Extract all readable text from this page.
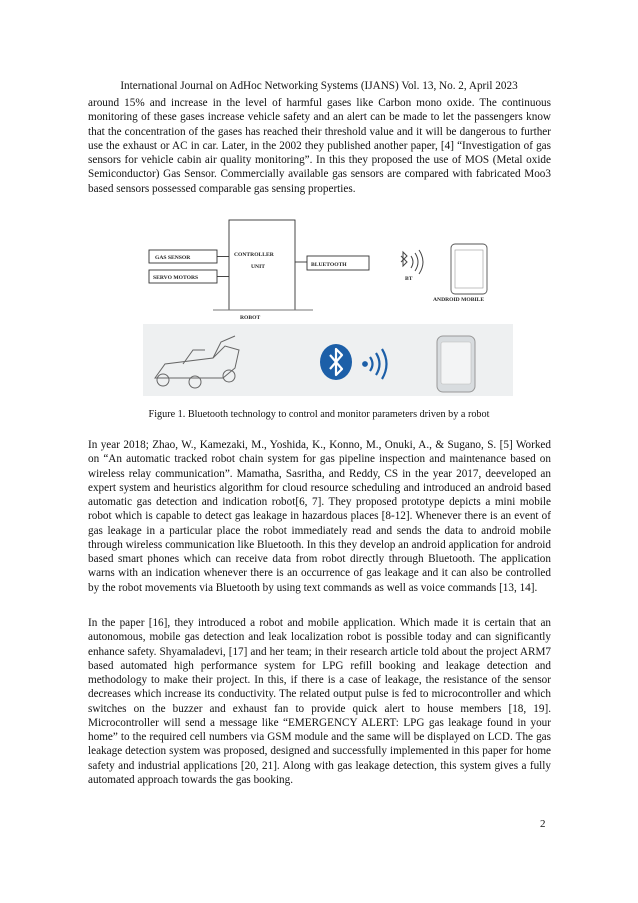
International Journal on AdHoc Networking Systems (IJANS) Vol. 13, No. 2, April 2023

around 15% and increase in the level of harmful gases like Carbon mono oxide. The continuous monitoring of these gases increase vehicle safety and an alert can be made to let the passengers know that the concentration of the gases has reached their threshold value and it will be dangerous to further use the exhaust or AC in car. Later, in the 2002 they published another paper, [4] “Investigation of gas sensors for vehicle cabin air quality monitoring”. In this they proposed the use of MOS (Metal oxide Semiconductor) Gas Sensor. Commercially available gas sensors are compared with fabricated Moo3 based sensors possessed comparable gas sensing properties.

GAS SENSOR
SERVO MOTORS
CONTROLLER
UNIT	BLUETOOTH
BT
ANDROID MOBILE
ROBOT
Figure 1. Bluetooth technology to control and monitor parameters driven by a robot

In year 2018; Zhao, W., Kamezaki, M., Yoshida, K., Konno, M., Onuki, A., & Sugano, S. [5] Worked on “An automatic tracked robot chain system for gas pipeline inspection and maintenance based on wireless relay communication”. Mamatha, Sasritha, and Reddy, CS in the year 2017, deeveloped an expert system and heuristics algorithm for cloud resource scheduling and introduced an android based automatic gas detection and indication robot[6, 7]. They proposed prototype depicts a mini mobile robot which is capable to detect gas leakage in hazardous places [8-12]. Whenever there is an event of gas leakage in a particular place the robot immediately read and sends the data to android mobile through wireless communication like Bluetooth. In this they develop an android application for android based smart phones which can receive data from robot directly through Bluetooth. The application warns with an indication whenever there is an occurrence of gas leakage and it can also be controlled by the robot movements via Bluetooth by using text commands as well as voice commands [13, 14].

In the paper [16], they introduced a robot and mobile application. Which made it is certain that an autonomous, mobile gas detection and leak localization robot is possible today and can significantly enhance safety. Shyamaladevi, [17] and her team; in their research article told about the project ARM7 based automated high performance system for LPG refill booking and leakage detection and methodology to make their project. In this, if there is a case of leakage, the resistance of the sensor decreases which increase its conductivity. The related output pulse is fed to microcontroller and which switches on the buzzer and exhaust fan to provide quick alert to house members [18, 19]. Microcontroller will send a message like “EMERGENCY ALERT: LPG gas leakage found in your home” to the required cell numbers via GSM module and the same will be displayed on LCD. The gas leakage detection system was proposed, designed and successfully implemented in this paper for home safety and industrial applications [20, 21]. Along with gas leakage detection, this system gives a fully automated approach towards the gas booking.

2
